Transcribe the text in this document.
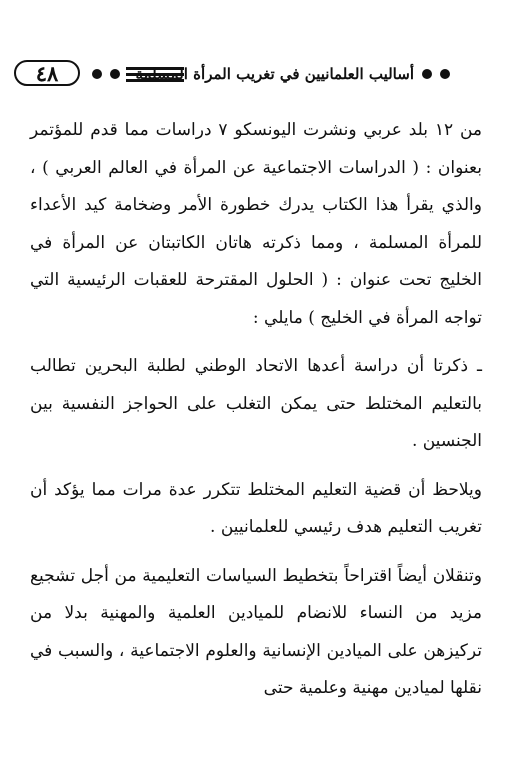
٤٨	أساليب العلمانيين في تغريب المرأة المسلمة

من ١٢ بلد عربي ونشرت اليونسكو ٧ دراسات مما قدم للمؤتمر بعنوان : ( الدراسات الاجتماعية عن المرأة في العالم العربي ) ، والذي يقرأ هذا الكتاب يدرك خطورة الأمر وضخامة كيد الأعداء للمرأة المسلمة ، ومما ذكرته هاتان الكاتبتان عن المرأة في الخليج تحت عنوان : ( الحلول المقترحة للعقبات الرئيسية التي تواجه المرأة في الخليج ) مايلي :

ـ ذكرتا أن دراسة أعدها الاتحاد الوطني لطلبة البحرين تطالب بالتعليم المختلط حتى يمكن التغلب على الحواجز النفسية بين الجنسين .

ويلاحظ أن قضية التعليم المختلط تتكرر عدة مرات مما يؤكد أن تغريب التعليم هدف رئيسي للعلمانيين .

وتنقلان أيضاً اقتراحاً بتخطيط السياسات التعليمية من أجل تشجيع مزيد من النساء للانضام للميادين العلمية والمهنية بدلا من تركيزهن على الميادين الإنسانية والعلوم الاجتماعية ، والسبب في نقلها لميادين مهنية وعلمية حتى
